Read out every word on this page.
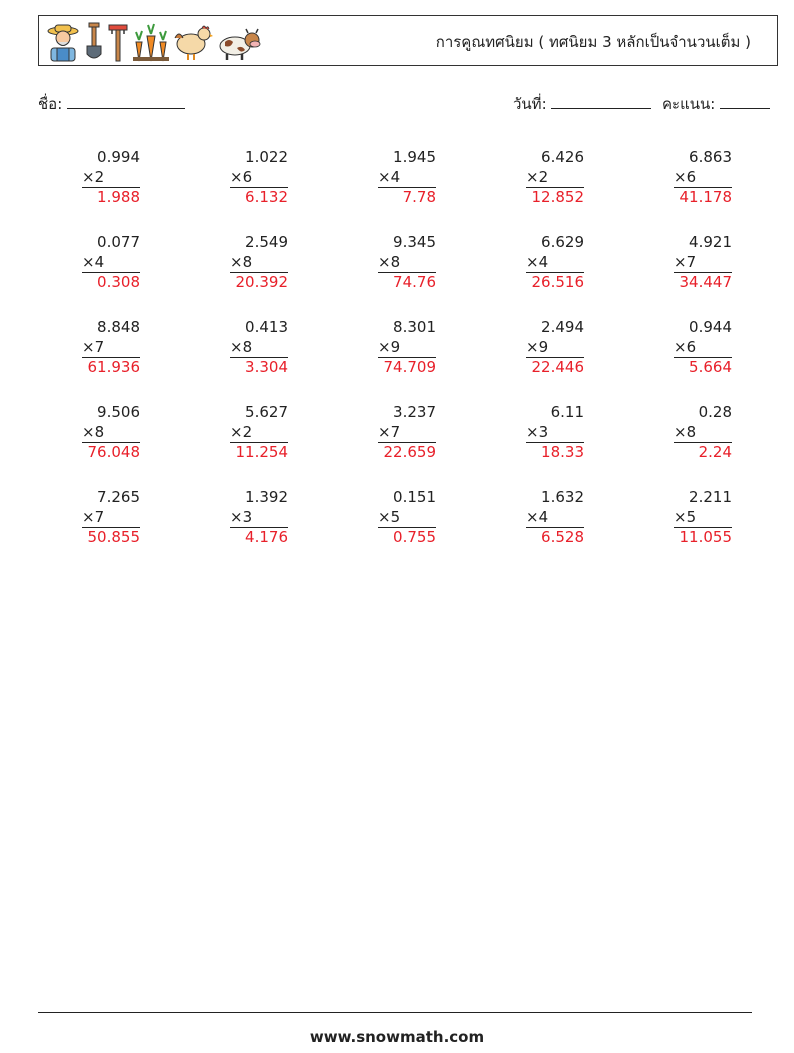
การคูณทศนิยม ( ทศนิยม 3 หลักเป็นจำนวนเต็ม )
ชื่อ:	วันที่:	คะแนน:
0.994
×2
1.988
1.022
×6
6.132
1.945
×4
7.78
6.426
×2
12.852
6.863
×6
41.178
0.077
×4
0.308
2.549
×8
20.392
9.345
×8
74.76
6.629
×4
26.516
4.921
×7
34.447
8.848
×7
61.936
0.413
×8
3.304
8.301
×9
74.709
2.494
×9
22.446
0.944
×6
5.664
9.506
×8
76.048
5.627
×2
11.254
3.237
×7
22.659
6.11
×3
18.33
0.28
×8
2.24
7.265
×7
50.855
1.392
×3
4.176
0.151
×5
0.755
1.632
×4
6.528
2.211
×5
11.055
www.snowmath.com
